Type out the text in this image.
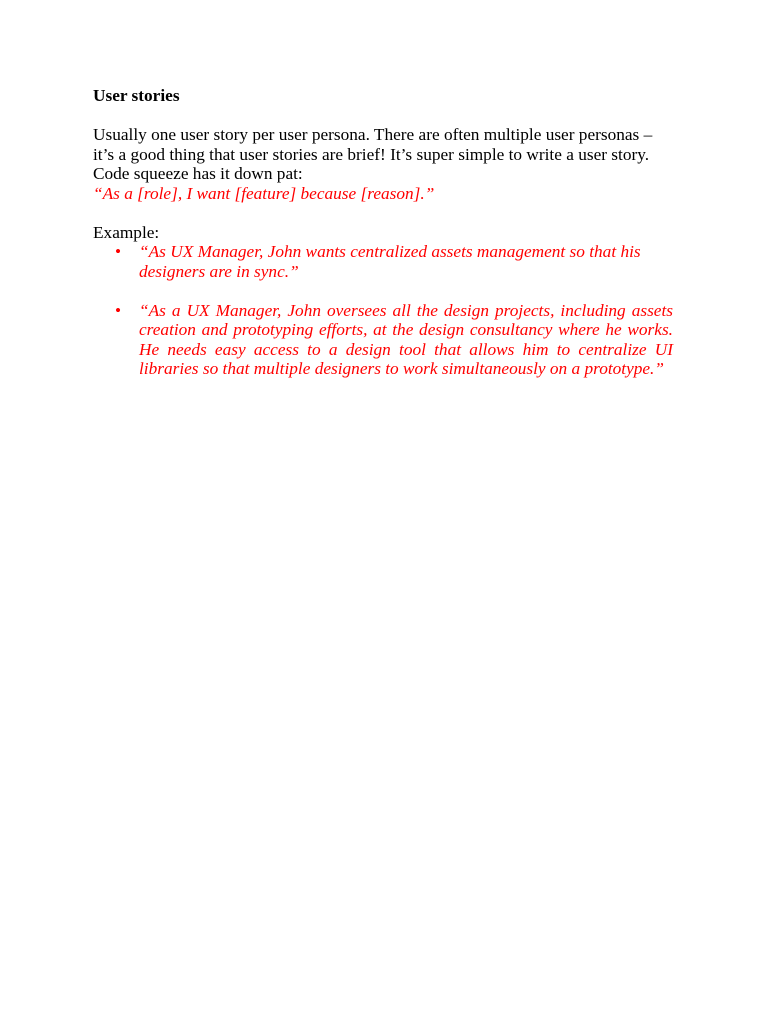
User stories

Usually one user story per user persona. There are often multiple user personas – it’s a good thing that user stories are brief! It’s super simple to write a user story. Code squeeze has it down pat:

“As a [role], I want [feature] because [reason].”

Example:

• “As UX Manager, John wants centralized assets management so that his designers are in sync.”
• “As a UX Manager, John oversees all the design projects, including assets creation and prototyping efforts, at the design consultancy where he works. He needs easy access to a design tool that allows him to centralize UI libraries so that multiple designers to work simultaneously on a prototype.”
